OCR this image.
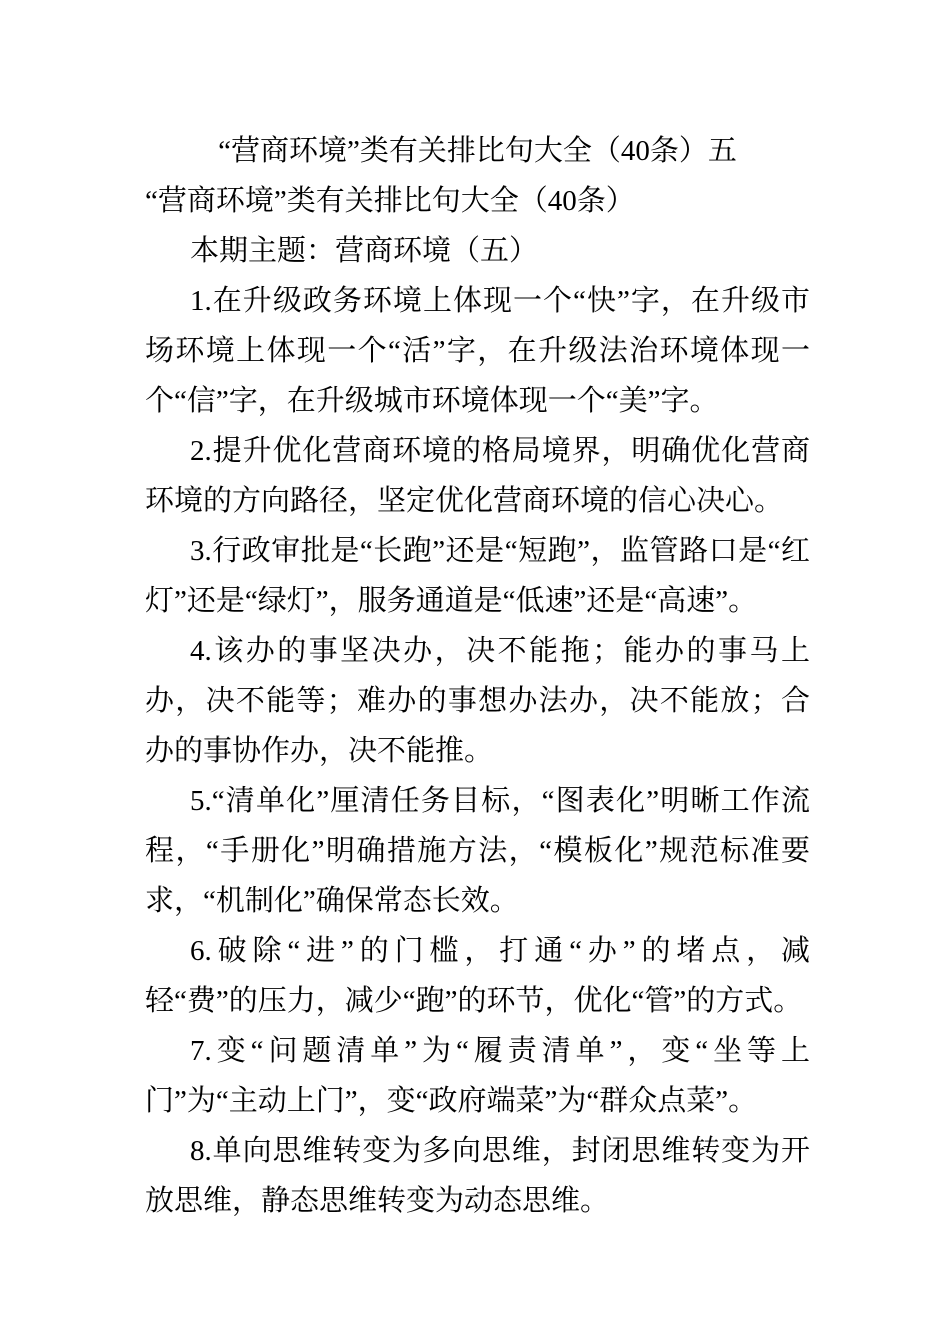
“营商环境”类有关排比句大全（40条）五

“营商环境”类有关排比句大全（40条）

本期主题：营商环境（五）

1.在升级政务环境上体现一个“快”字，在升级市场环境上体现一个“活”字，在升级法治环境体现一个“信”字，在升级城市环境体现一个“美”字。

2.提升优化营商环境的格局境界，明确优化营商环境的方向路径，坚定优化营商环境的信心决心。

3.行政审批是“长跑”还是“短跑”，监管路口是“红灯”还是“绿灯”，服务通道是“低速”还是“高速”。

4.该办的事坚决办，决不能拖；能办的事马上办，决不能等；难办的事想办法办，决不能放；合办的事协作办，决不能推。

5.“清单化”厘清任务目标，“图表化”明晰工作流程，“手册化”明确措施方法，“模板化”规范标准要求，“机制化”确保常态长效。

6.破除“进”的门槛，打通“办”的堵点，减轻“费”的压力，减少“跑”的环节，优化“管”的方式。

7.变“问题清单”为“履责清单”，变“坐等上门”为“主动上门”，变“政府端菜”为“群众点菜”。

8.单向思维转变为多向思维，封闭思维转变为开放思维，静态思维转变为动态思维。
